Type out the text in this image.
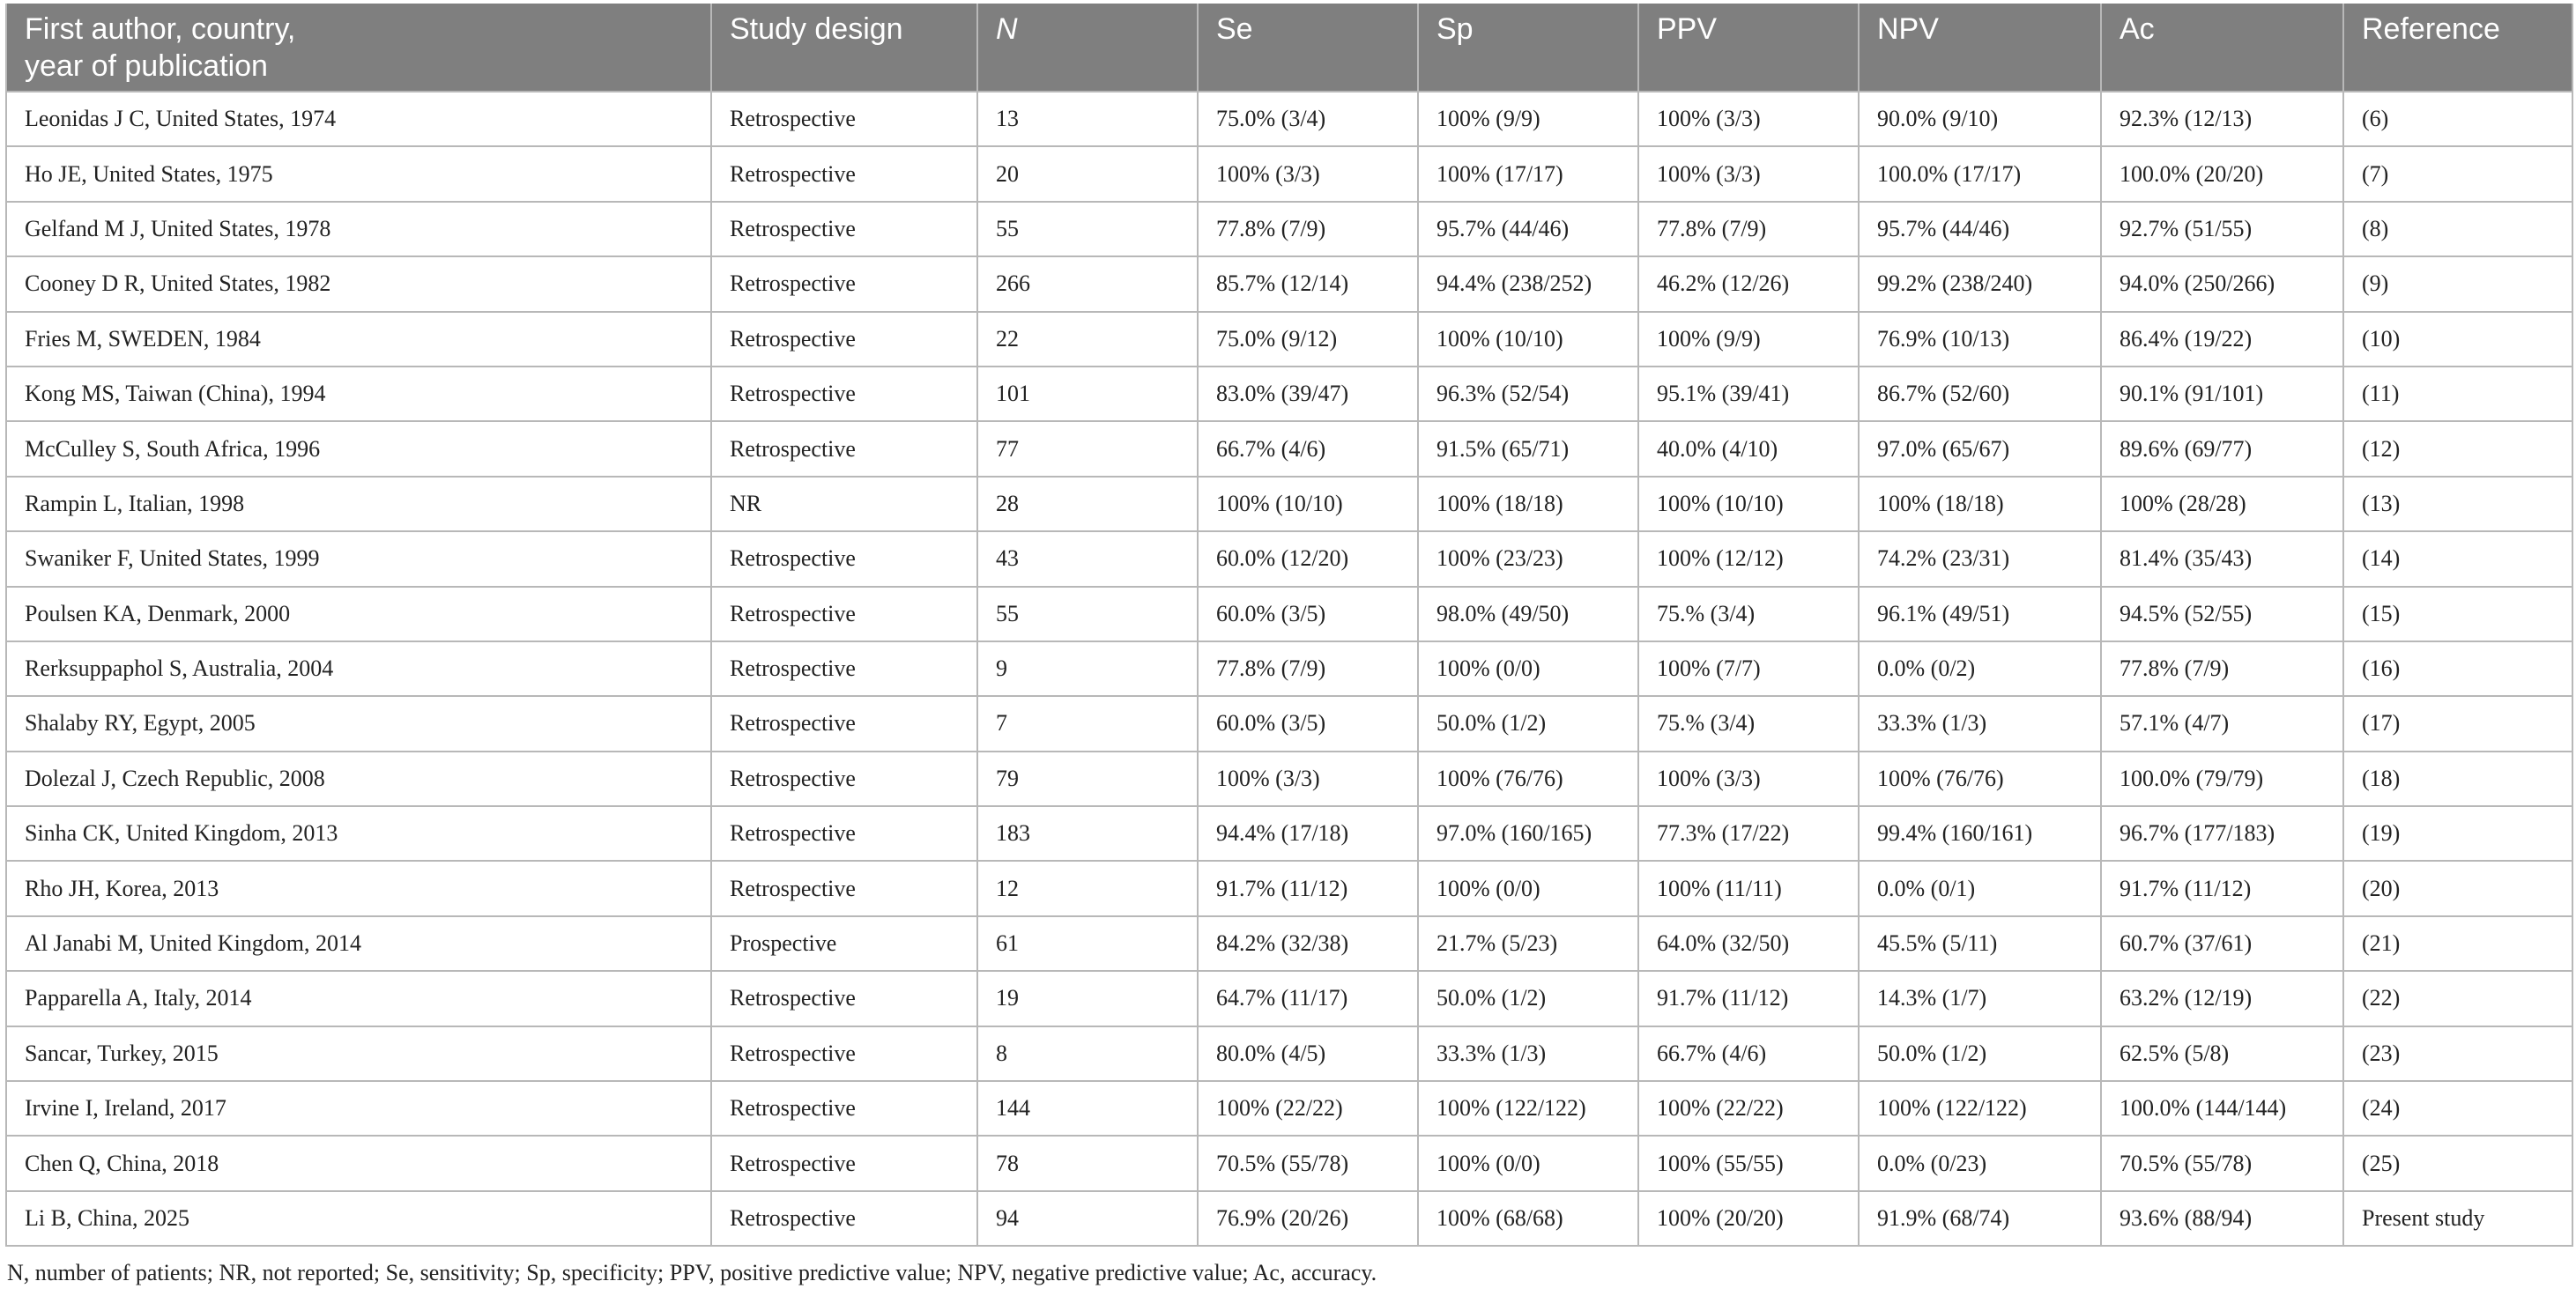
First author, country,
year of publication	Study design	N	Se	Sp	PPV	NPV	Ac	Reference
Leonidas J C, United States, 1974	Retrospective	13	75.0% (3/4)	100% (9/9)	100% (3/3)	90.0% (9/10)	92.3% (12/13)	(6)
Ho JE, United States, 1975	Retrospective	20	100% (3/3)	100% (17/17)	100% (3/3)	100.0% (17/17)	100.0% (20/20)	(7)
Gelfand M J, United States, 1978	Retrospective	55	77.8% (7/9)	95.7% (44/46)	77.8% (7/9)	95.7% (44/46)	92.7% (51/55)	(8)
Cooney D R, United States, 1982	Retrospective	266	85.7% (12/14)	94.4% (238/252)	46.2% (12/26)	99.2% (238/240)	94.0% (250/266)	(9)
Fries M, SWEDEN, 1984	Retrospective	22	75.0% (9/12)	100% (10/10)	100% (9/9)	76.9% (10/13)	86.4% (19/22)	(10)
Kong MS, Taiwan (China), 1994	Retrospective	101	83.0% (39/47)	96.3% (52/54)	95.1% (39/41)	86.7% (52/60)	90.1% (91/101)	(11)
McCulley S, South Africa, 1996	Retrospective	77	66.7% (4/6)	91.5% (65/71)	40.0% (4/10)	97.0% (65/67)	89.6% (69/77)	(12)
Rampin L, Italian, 1998	NR	28	100% (10/10)	100% (18/18)	100% (10/10)	100% (18/18)	100% (28/28)	(13)
Swaniker F, United States, 1999	Retrospective	43	60.0% (12/20)	100% (23/23)	100% (12/12)	74.2% (23/31)	81.4% (35/43)	(14)
Poulsen KA, Denmark, 2000	Retrospective	55	60.0% (3/5)	98.0% (49/50)	75.% (3/4)	96.1% (49/51)	94.5% (52/55)	(15)
Rerksuppaphol S, Australia, 2004	Retrospective	9	77.8% (7/9)	100% (0/0)	100% (7/7)	0.0% (0/2)	77.8% (7/9)	(16)
Shalaby RY, Egypt, 2005	Retrospective	7	60.0% (3/5)	50.0% (1/2)	75.% (3/4)	33.3% (1/3)	57.1% (4/7)	(17)
Dolezal J, Czech Republic, 2008	Retrospective	79	100% (3/3)	100% (76/76)	100% (3/3)	100% (76/76)	100.0% (79/79)	(18)
Sinha CK, United Kingdom, 2013	Retrospective	183	94.4% (17/18)	97.0% (160/165)	77.3% (17/22)	99.4% (160/161)	96.7% (177/183)	(19)
Rho JH, Korea, 2013	Retrospective	12	91.7% (11/12)	100% (0/0)	100% (11/11)	0.0% (0/1)	91.7% (11/12)	(20)
Al Janabi M, United Kingdom, 2014	Prospective	61	84.2% (32/38)	21.7% (5/23)	64.0% (32/50)	45.5% (5/11)	60.7% (37/61)	(21)
Papparella A, Italy, 2014	Retrospective	19	64.7% (11/17)	50.0% (1/2)	91.7% (11/12)	14.3% (1/7)	63.2% (12/19)	(22)
Sancar, Turkey, 2015	Retrospective	8	80.0% (4/5)	33.3% (1/3)	66.7% (4/6)	50.0% (1/2)	62.5% (5/8)	(23)
Irvine I, Ireland, 2017	Retrospective	144	100% (22/22)	100% (122/122)	100% (22/22)	100% (122/122)	100.0% (144/144)	(24)
Chen Q, China, 2018	Retrospective	78	70.5% (55/78)	100% (0/0)	100% (55/55)	0.0% (0/23)	70.5% (55/78)	(25)
Li B, China, 2025	Retrospective	94	76.9% (20/26)	100% (68/68)	100% (20/20)	91.9% (68/74)	93.6% (88/94)	Present study
N, number of patients; NR, not reported; Se, sensitivity; Sp, specificity; PPV, positive predictive value; NPV, negative predictive value; Ac, accuracy.
